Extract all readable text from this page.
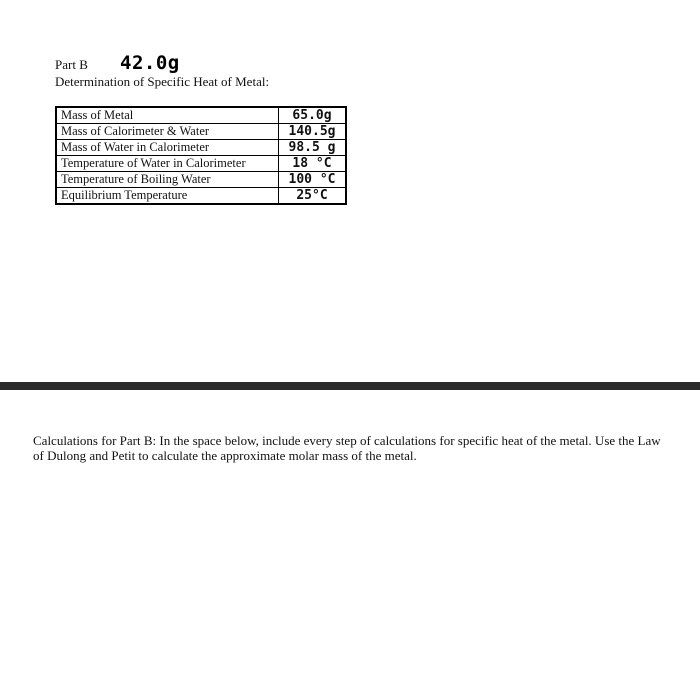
Part B 42.0g
Determination of Specific Heat of Metal:
Mass of Metal	65.0g
Mass of Calorimeter & Water	140.5g
Mass of Water in Calorimeter	98.5 g
Temperature of Water in Calorimeter	18 °C
Temperature of Boiling Water	100 °C
Equilibrium Temperature	25°C
Calculations for Part B: In the space below, include every step of calculations for specific heat of the metal. Use the Law of Dulong and Petit to calculate the approximate molar mass of the metal.
